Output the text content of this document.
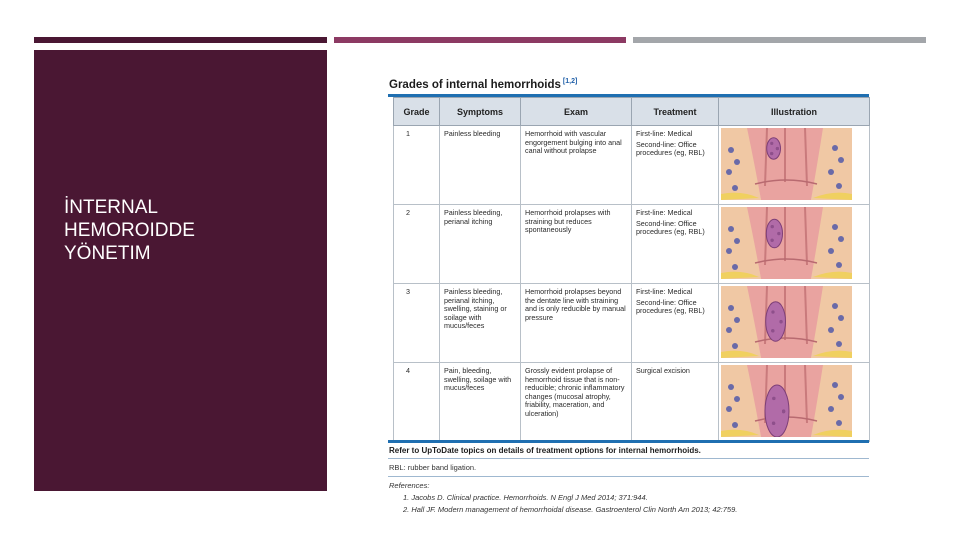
İNTERNAL
HEMOROIDDE
YÖNETIM
Grades of internal hemorrhoids [1,2]
Grade	Symptoms	Exam	Treatment	Illustration
1	Painless bleeding	Hemorrhoid with vascular engorgement bulging into anal canal without prolapse	First-line: Medical
Second-line: Office procedures (eg, RBL)

2	Painless bleeding, perianal itching	Hemorrhoid prolapses with straining but reduces spontaneously	First-line: Medical
Second-line: Office procedures (eg, RBL)

3	Painless bleeding, perianal itching, swelling, staining or soilage with mucus/feces	Hemorrhoid prolapses beyond the dentate line with straining and is only reducible by manual pressure	First-line: Medical
Second-line: Office procedures (eg, RBL)

4	Pain, bleeding, swelling, soilage with mucus/feces	Grossly evident prolapse of hemorrhoid tissue that is non-reducible; chronic inflammatory changes (mucosal atrophy, friability, maceration, and ulceration)	Surgical excision

Refer to UpToDate topics on details of treatment options for internal hemorrhoids.
RBL: rubber band ligation.
References:
1. Jacobs D. Clinical practice. Hemorrhoids. N Engl J Med 2014; 371:944.
2. Hall JF. Modern management of hemorrhoidal disease. Gastroenterol Clin North Am 2013; 42:759.
